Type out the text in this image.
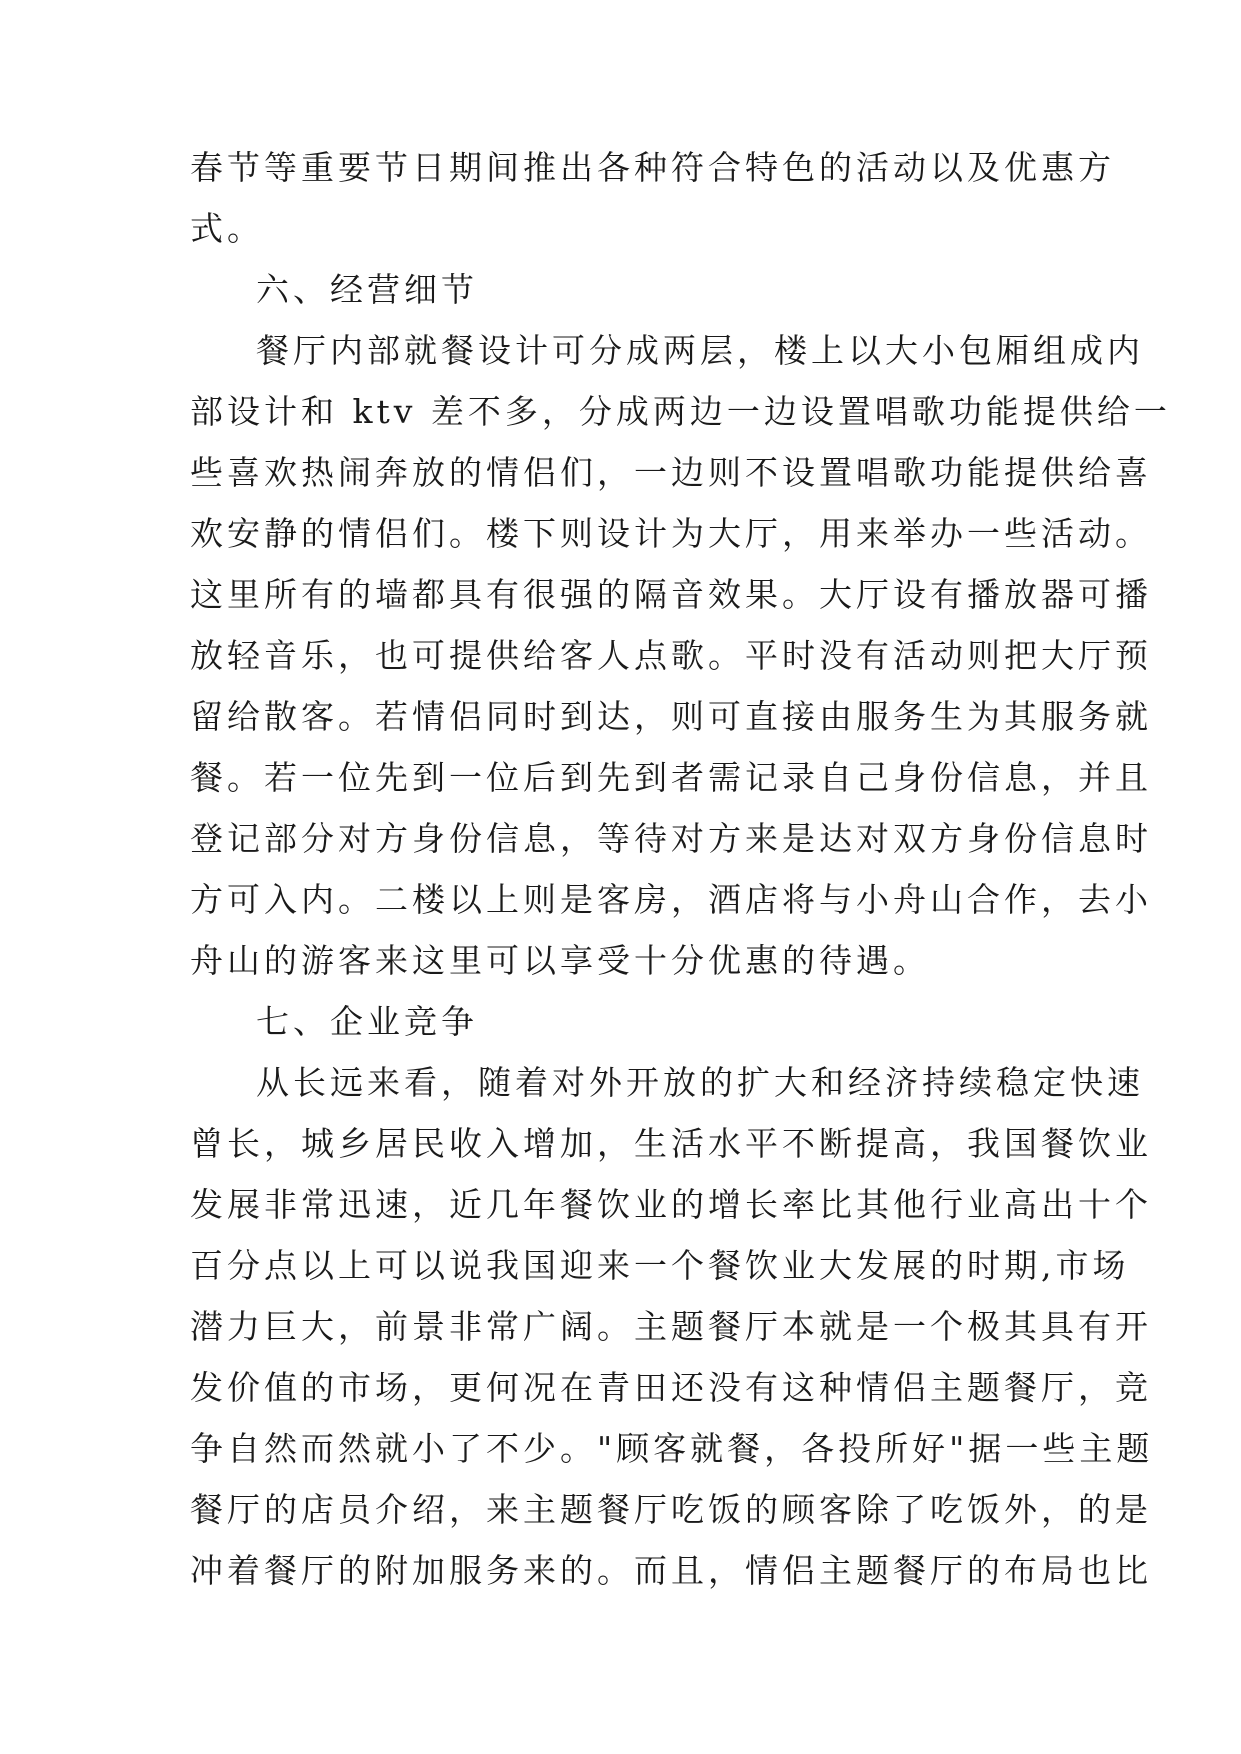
春节等重要节日期间推出各种符合特色的活动以及优惠方

式。

六、经营细节

餐厅内部就餐设计可分成两层，楼上以大小包厢组成内

部设计和 ktv 差不多，分成两边一边设置唱歌功能提供给一

些喜欢热闹奔放的情侣们，一边则不设置唱歌功能提供给喜

欢安静的情侣们。楼下则设计为大厅，用来举办一些活动。

这里所有的墙都具有很强的隔音效果。大厅设有播放器可播

放轻音乐，也可提供给客人点歌。平时没有活动则把大厅预

留给散客。若情侣同时到达，则可直接由服务生为其服务就

餐。若一位先到一位后到先到者需记录自己身份信息，并且

登记部分对方身份信息，等待对方来是达对双方身份信息时

方可入内。二楼以上则是客房，酒店将与小舟山合作，去小

舟山的游客来这里可以享受十分优惠的待遇。

七、企业竞争

从长远来看，随着对外开放的扩大和经济持续稳定快速

曾长，城乡居民收入增加，生活水平不断提高，我国餐饮业

发展非常迅速，近几年餐饮业的增长率比其他行业高出十个

百分点以上可以说我国迎来一个餐饮业大发展的时期,市场

潜力巨大，前景非常广阔。主题餐厅本就是一个极其具有开

发价值的市场，更何况在青田还没有这种情侣主题餐厅，竞

争自然而然就小了不少。"顾客就餐，各投所好"据一些主题

餐厅的店员介绍，来主题餐厅吃饭的顾客除了吃饭外，的是

冲着餐厅的附加服务来的。而且，情侣主题餐厅的布局也比
